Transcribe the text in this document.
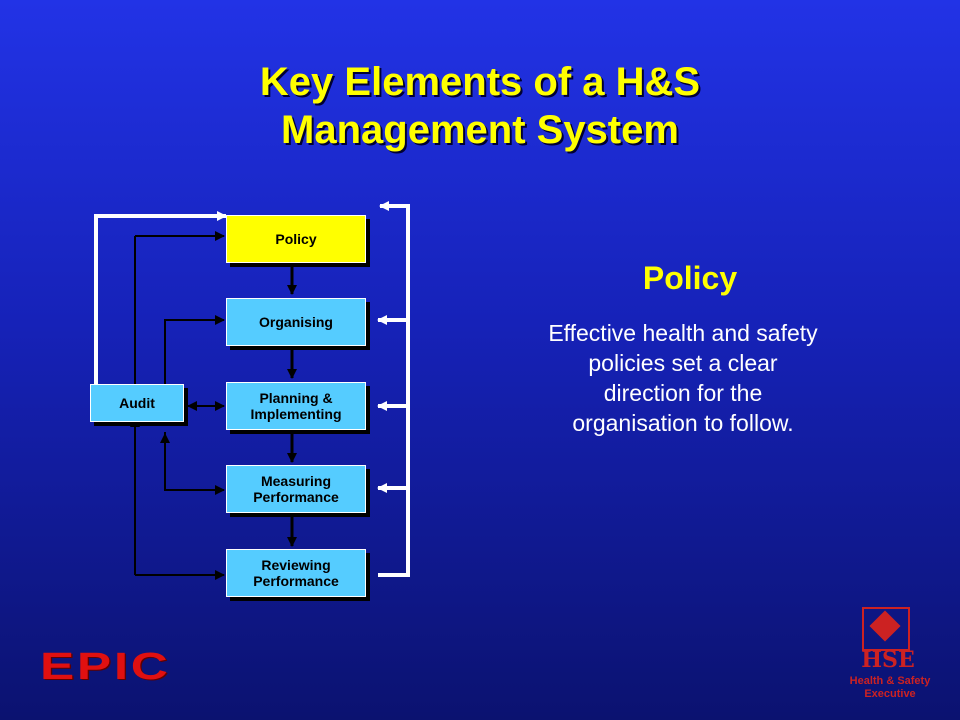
Key Elements of a H&S
Management System
Policy
Organising
Planning &
Implementing
Measuring
Performance
Reviewing
Performance
Audit
Policy
Effective health and safety
policies set a clear
direction for the
organisation to follow.
EPIC	HSE
Health & Safety
Executive
